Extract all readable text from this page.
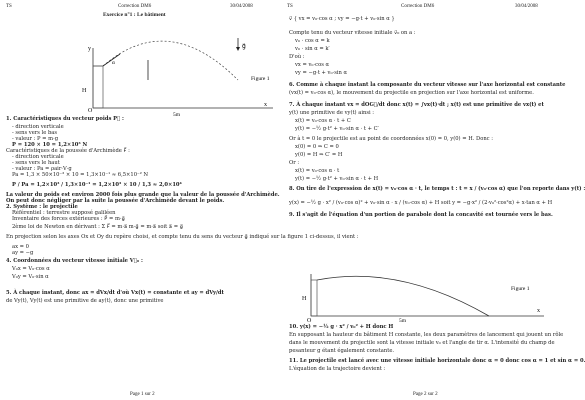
TS	Correction DM6	30/04/2008
Exercice n°1 : Le bâtiment
H
O
y
x
5m
α
g⃗
Figure 1
1. Caractéristiques du vecteur poids P⃗ :
- direction verticale
- sens vers le bas
- valeur : P = m·g
P = 120 × 10 = 1,2×10³ N
Caractéristiques de la poussée d'Archimède F⃗ :
- direction verticale
- sens vers le haut
- valeur : Pa = ρair·V·g
Pa = 1,3 × 50×10⁻³ × 10 = 1,3×10⁻¹ ≈ 6,5×10⁻² N
P / Pa = 1,2×10³ / 1,3×10⁻¹ = 1,2×10³ × 10 / 1,3 ≈ 2,0×10⁴
La valeur du poids est environ 2000 fois plus grande que la valeur de la poussée d'Archimède.
On peut donc négliger par la suite la poussée d'Archimède devant le poids.
2. Système : le projectile
Référentiel : terrestre supposé galiléen
Inventaire des forces extérieures : P⃗ = m·g⃗
2ème loi de Newton en dérivant : Σ F⃗ = m·a⃗ m·g⃗ = m·a⃗ soit a⃗ = g⃗
En projection selon les axes Ox et Oy du repère choisi, et compte tenu du sens du vecteur g⃗ indiqué sur la figure 1 ci-dessus, il vient :
ax = 0
ay = −g
4. Coordonnées du vecteur vitesse initiale V⃗₀ :
V₀x = V₀·cos α
V₀y = V₀·sin α
5. À chaque instant, donc ax = dVx/dt d'où Vx(t) = constante et ay = dVy/dt
de Vy(t), Vy(t) est une primitive de ay(t), donc une primitive
Page 1 sur 2
TS	Correction DM6	30/04/2008
v⃗ { vx = v₀·cos α ; vy = −g·t + v₀·sin α }
Compte tenu du vecteur vitesse initiale v⃗₀ on a :
v₀ · cos α = k
v₀ · sin α = k′
D'où :
vx = v₀·cos α
vy = −g·t + v₀·sin α
6. Comme à chaque instant la composante du vecteur vitesse sur l'axe horizontal est constante
(vx(t) = v₀·cos α), le mouvement du projectile en projection sur l'axe horizontal est uniforme.
7. À chaque instant vx = dOG⃗/dt donc x(t) = ∫vx(t)·dt ; x(t) est une primitive de vx(t) et
y(t) une primitive de vy(t) ainsi :
x(t) = v₀·cos α · t + C
y(t) = −½ g·t² + v₀·sin α · t + C′
Or à t = 0 le projectile est au point de coordonnées x(0) = 0, y(0) = H. Donc :
x(0) = 0 ⇒ C = 0
y(0) = H ⇒ C′ = H
Or :
x(t) = v₀·cos α · t
y(t) = −½ g·t² + v₀·sin α · t + H
8. On tire de l'expression de x(t) = v₀·cos α · t, le temps t : t = x / (v₀·cos α) que l'on reporte dans y(t) :
y(x) = −½ g · x² / (v₀·cos α)² + v₀·sin α · x / (v₀·cos α) + H soit y = −g·x² / (2·v₀²·cos²α) + x·tan α + H
9. Il s'agit de l'équation d'un portion de parabole dont la concavité est tournée vers le bas.
10. y(x) = −½ g · x² / v₀² + H donc H
En supposant la hauteur du bâtiment H constante, les deux paramètres de lancement qui jouent un rôle
dans le mouvement du projectile sont la vitesse initiale v₀ et l'angle de tir α. L'intensité du champ de
pesanteur g étant également constante.
11. Le projectile est lancé avec une vitesse initiale horizontale donc α = 0 donc cos α = 1 et sin α = 0.
L'équation de la trajectoire devient :
H
O
x
5m
Figure 1
Page 2 sur 2
